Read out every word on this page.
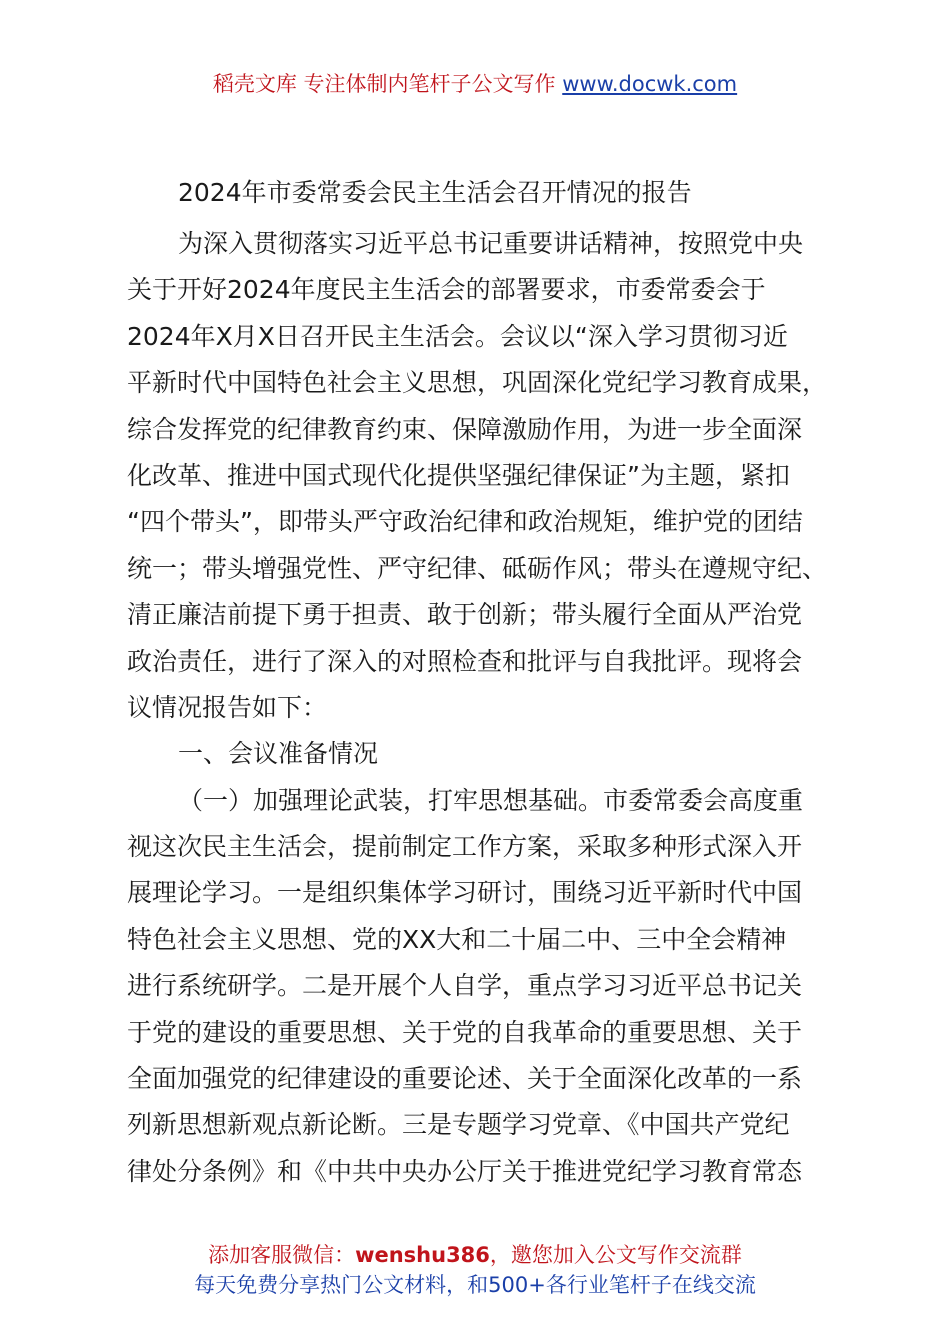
稻壳文库 专注体制内笔杆子公文写作 www.docwk.com
2024年市委常委会民主生活会召开情况的报告
为深入贯彻落实习近平总书记重要讲话精神，按照党中央
关于开好2024年度民主生活会的部署要求，市委常委会于
2024年X月X日召开民主生活会。会议以“深入学习贯彻习近
平新时代中国特色社会主义思想，巩固深化党纪学习教育成果，
综合发挥党的纪律教育约束、保障激励作用，为进一步全面深
化改革、推进中国式现代化提供坚强纪律保证”为主题，紧扣
“四个带头”，即带头严守政治纪律和政治规矩，维护党的团结
统一；带头增强党性、严守纪律、砥砺作风；带头在遵规守纪、
清正廉洁前提下勇于担责、敢于创新；带头履行全面从严治党
政治责任，进行了深入的对照检查和批评与自我批评。现将会
议情况报告如下：
一、会议准备情况
（一）加强理论武装，打牢思想基础。市委常委会高度重
视这次民主生活会，提前制定工作方案，采取多种形式深入开
展理论学习。一是组织集体学习研讨，围绕习近平新时代中国
特色社会主义思想、党的XX大和二十届二中、三中全会精神
进行系统研学。二是开展个人自学，重点学习习近平总书记关
于党的建设的重要思想、关于党的自我革命的重要思想、关于
全面加强党的纪律建设的重要论述、关于全面深化改革的一系
列新思想新观点新论断。三是专题学习党章、《中国共产党纪
律处分条例》和《中共中央办公厅关于推进党纪学习教育常态
添加客服微信：wenshu386，邀您加入公文写作交流群
每天免费分享热门公文材料，和500+各行业笔杆子在线交流
